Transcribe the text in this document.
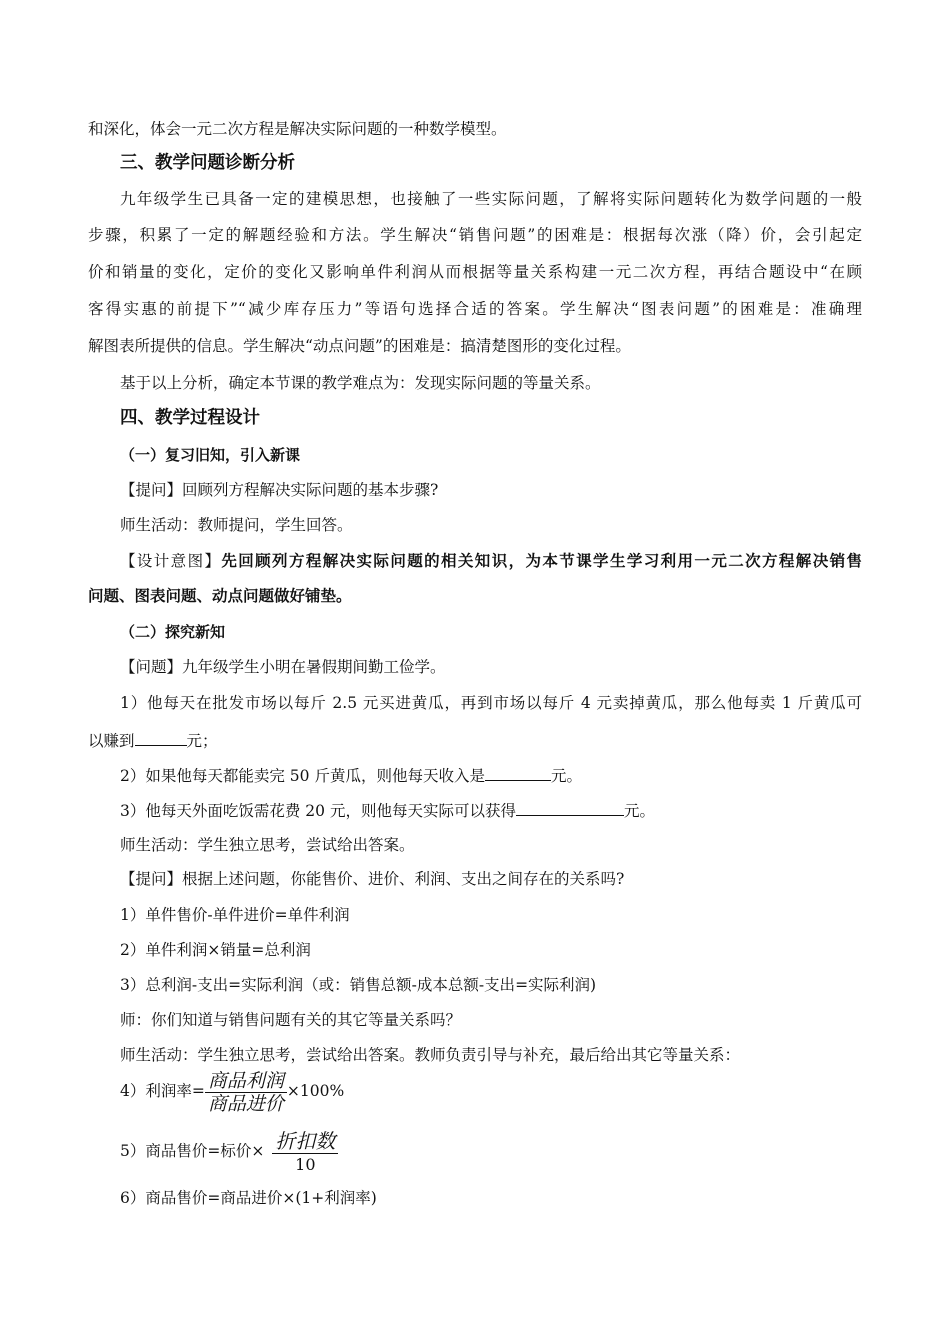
和深化，体会一元二次方程是解决实际问题的一种数学模型。
三、教学问题诊断分析
九年级学生已具备一定的建模思想，也接触了一些实际问题，了解将实际问题转化为数学问题的一般
步骤，积累了一定的解题经验和方法。学生解决“销售问题”的困难是：根据每次涨（降）价，会引起定
价和销量的变化，定价的变化又影响单件利润从而根据等量关系构建一元二次方程，再结合题设中“在顾
客得实惠的前提下”“减少库存压力”等语句选择合适的答案。学生解决“图表问题”的困难是：准确理
解图表所提供的信息。学生解决“动点问题”的困难是：搞清楚图形的变化过程。
基于以上分析，确定本节课的教学难点为：发现实际问题的等量关系。
四、教学过程设计
（一）复习旧知，引入新课
【提问】回顾列方程解决实际问题的基本步骤?
师生活动：教师提问，学生回答。
【设计意图】先回顾列方程解决实际问题的相关知识，为本节课学生学习利用一元二次方程解决销售
问题、图表问题、动点问题做好铺垫。
（二）探究新知
【问题】九年级学生小明在暑假期间勤工俭学。
1）他每天在批发市场以每斤 2.5 元买进黄瓜，再到市场以每斤 4 元卖掉黄瓜，那么他每卖 1 斤黄瓜可
以赚到	元；
2）如果他每天都能卖完 50 斤黄瓜，则他每天收入是	元。
3）他每天外面吃饭需花费 20 元，则他每天实际可以获得	元。
师生活动：学生独立思考，尝试给出答案。
【提问】根据上述问题，你能售价、进价、利润、支出之间存在的关系吗?
1）单件售价-单件进价=单件利润
2）单件利润×销量=总利润
3）总利润-支出=实际利润（或：销售总额-成本总额-支出=实际利润)
师：你们知道与销售问题有关的其它等量关系吗？
师生活动：学生独立思考，尝试给出答案。教师负责引导与补充，最后给出其它等量关系：
4）利润率= $\frac{\text{商品利润}}{\text{商品进价}} \times 100\%$
5）商品售价=标价× $\frac{\text{折扣数}}{10}$
6）商品售价=商品进价×(1+利润率)
